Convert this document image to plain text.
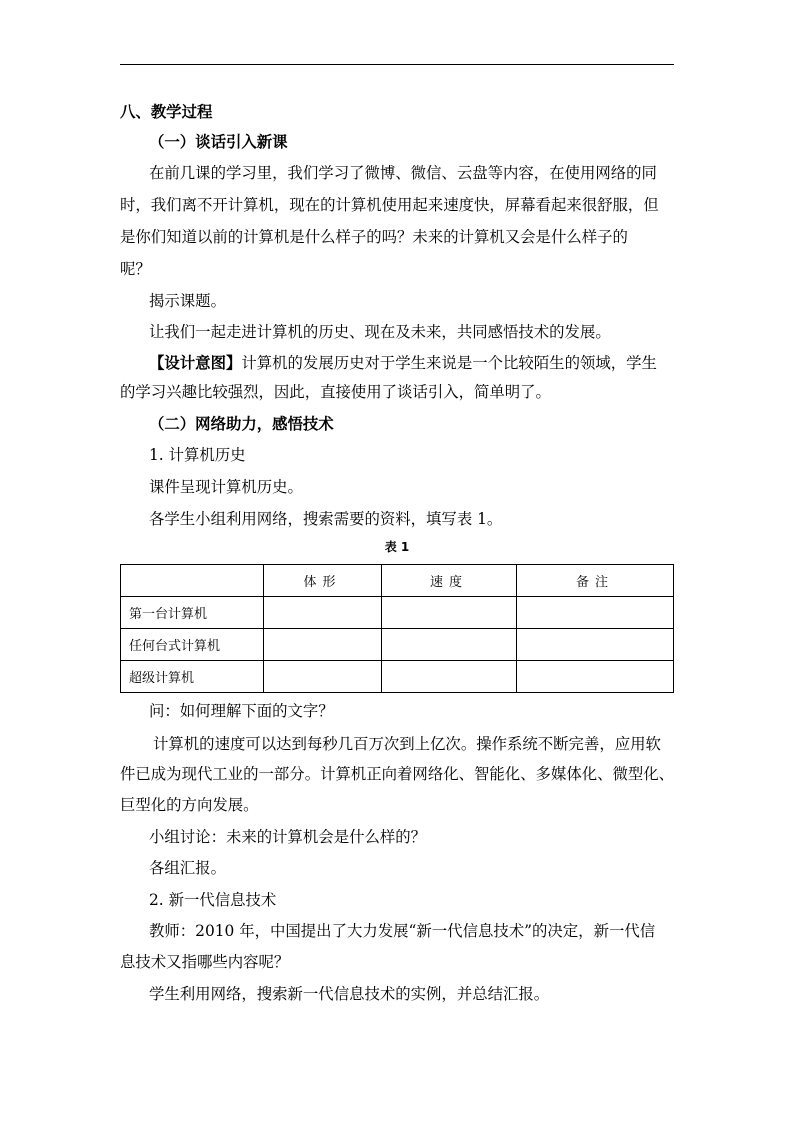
八、教学过程
（一）谈话引入新课
在前几课的学习里，我们学习了微博、微信、云盘等内容，在使用网络的同
时，我们离不开计算机，现在的计算机使用起来速度快，屏幕看起来很舒服，但
是你们知道以前的计算机是什么样子的吗？未来的计算机又会是什么样子的
呢？
揭示课题。
让我们一起走进计算机的历史、现在及未来，共同感悟技术的发展。
【设计意图】计算机的发展历史对于学生来说是一个比较陌生的领域，学生
的学习兴趣比较强烈，因此，直接使用了谈话引入，简单明了。
（二）网络助力，感悟技术
1. 计算机历史
课件呈现计算机历史。
各学生小组利用网络，搜索需要的资料，填写表 1。
表 1
	体形	速度	备注
第一台计算机			
任何台式计算机			
超级计算机			
问：如何理解下面的文字？
计算机的速度可以达到每秒几百万次到上亿次。操作系统不断完善，应用软
件已成为现代工业的一部分。计算机正向着网络化、智能化、多媒体化、微型化、
巨型化的方向发展。
小组讨论：未来的计算机会是什么样的？
各组汇报。
2. 新一代信息技术
教师：2010 年，中国提出了大力发展“新一代信息技术”的决定，新一代信
息技术又指哪些内容呢？
学生利用网络，搜索新一代信息技术的实例，并总结汇报。
